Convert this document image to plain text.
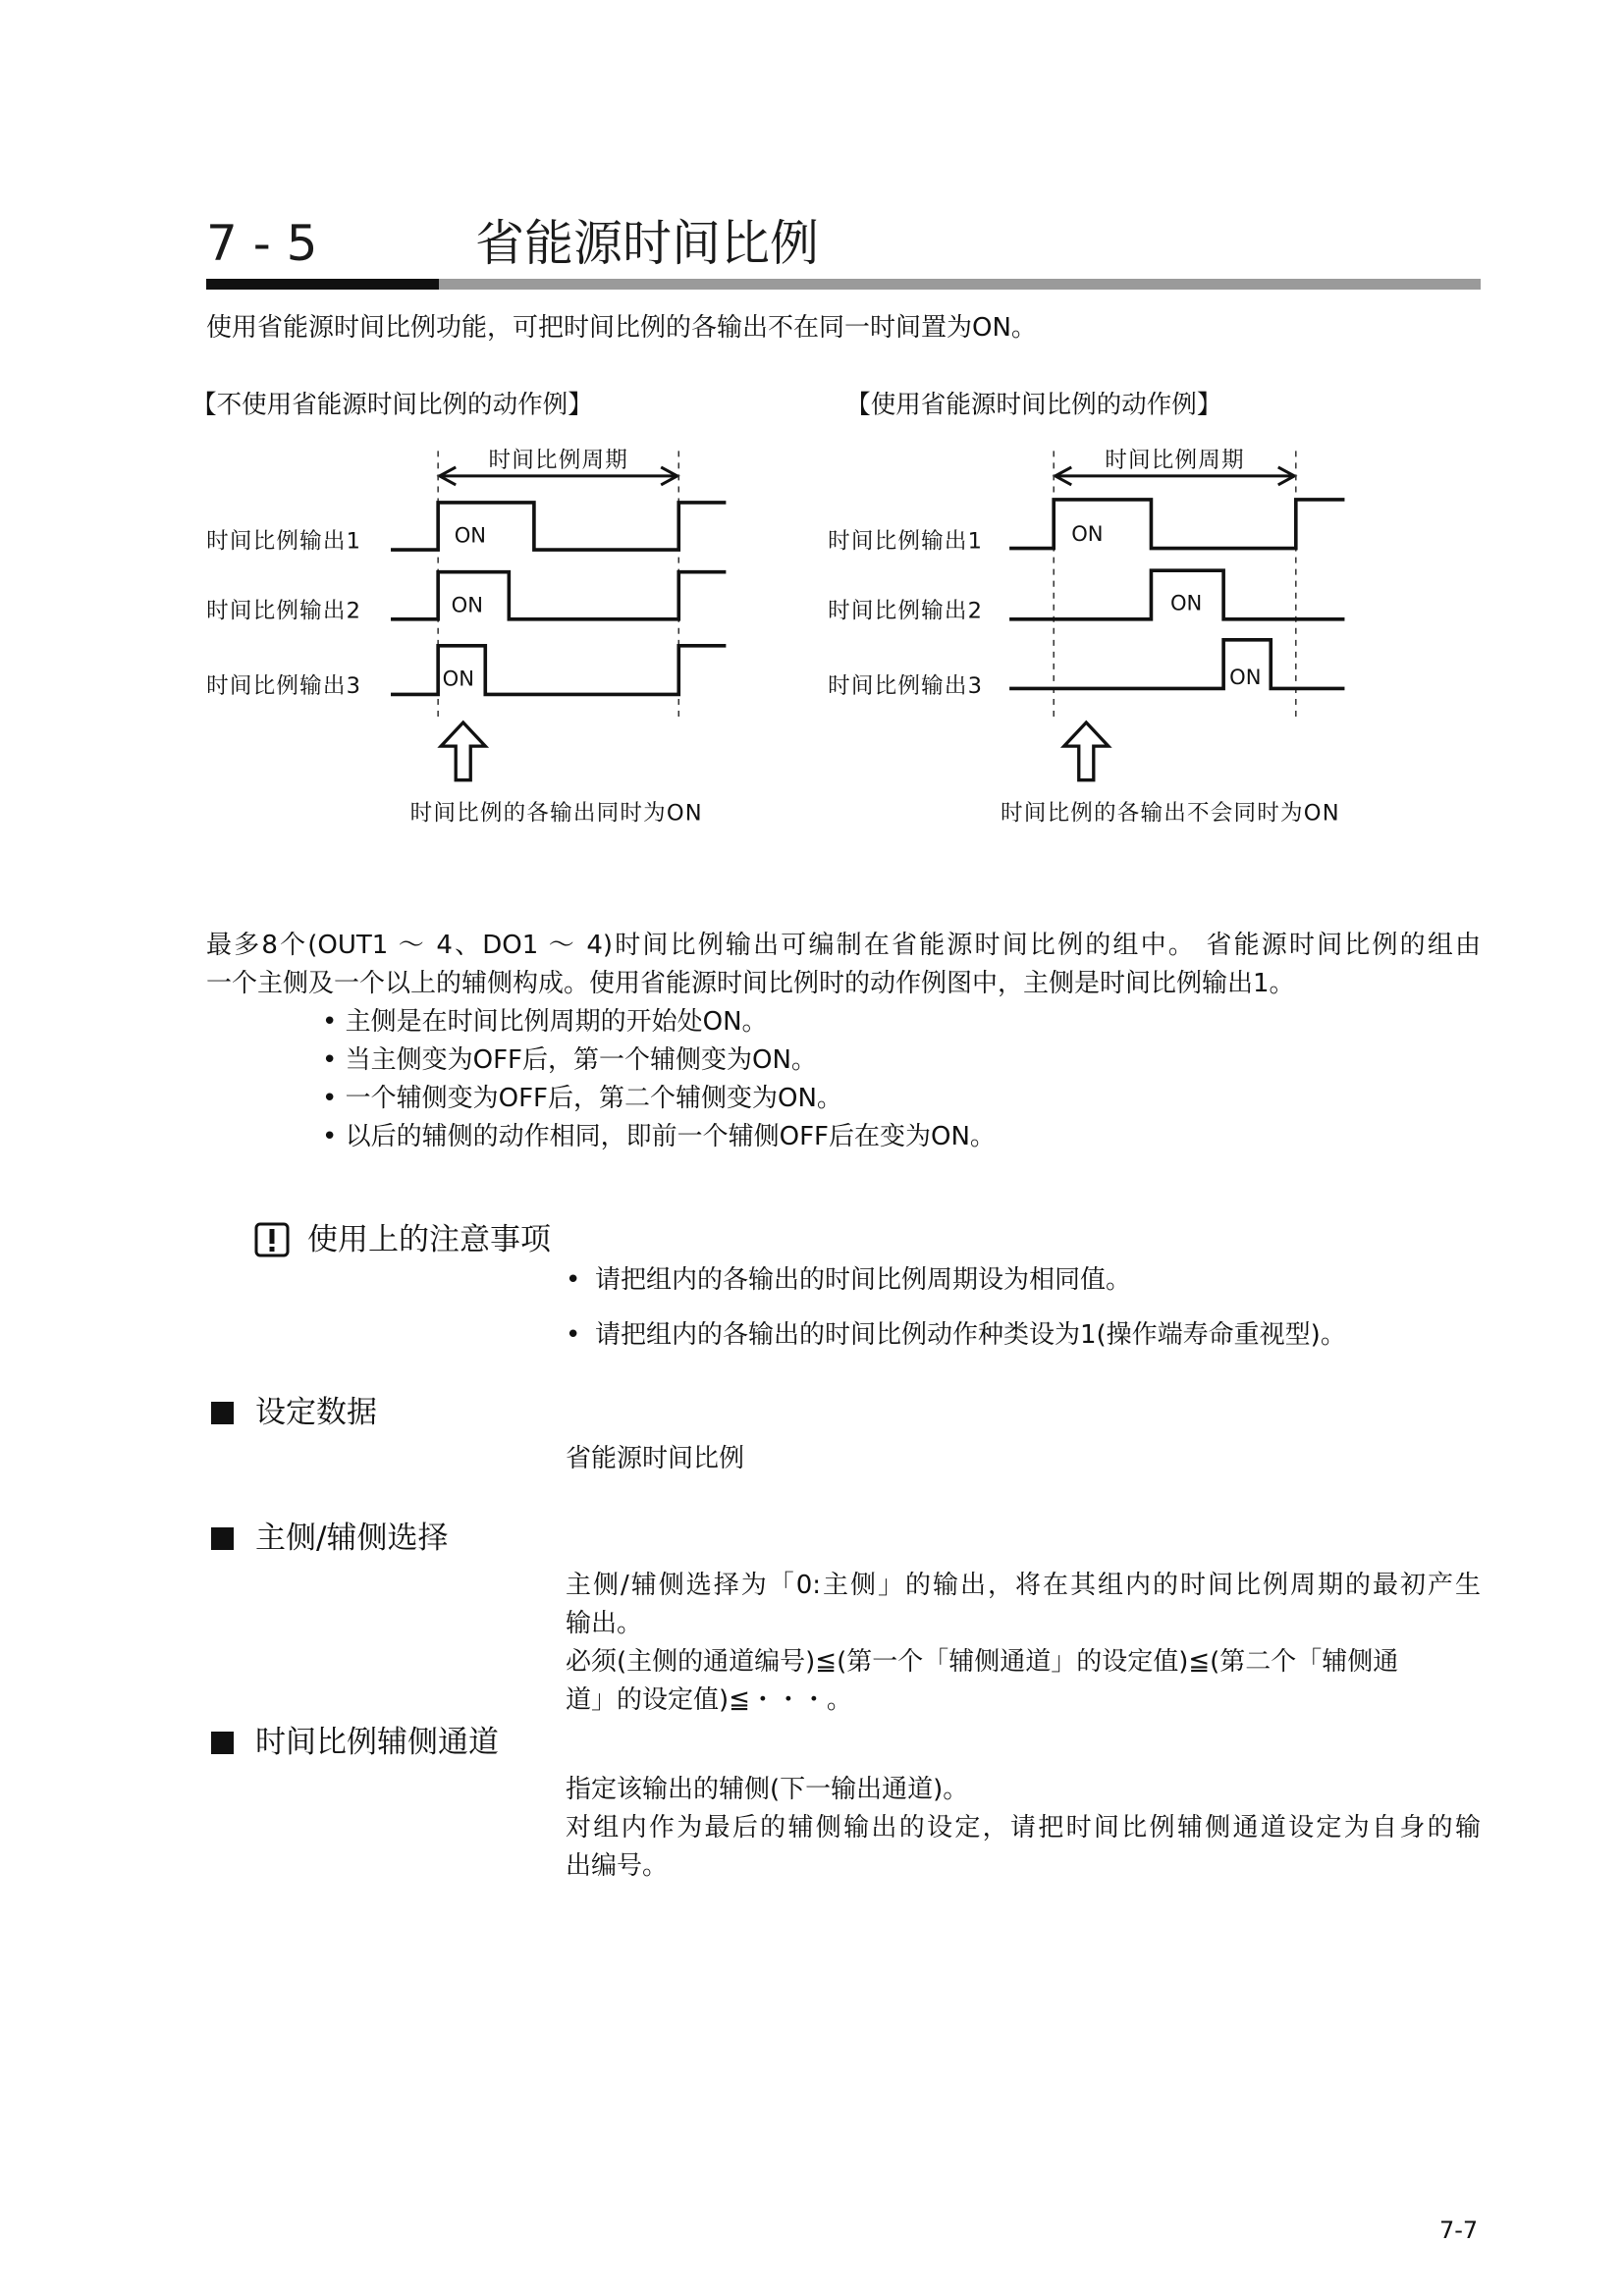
7 - 5	省能源时间比例
使用省能源时间比例功能，可把时间比例的各输出不在同一时间置为ON。
【不使用省能源时间比例的动作例】
时间比例周期
时间比例输出1
时间比例输出2
时间比例输出3
ON
ON
ON
时间比例的各输出同时为ON
【使用省能源时间比例的动作例】
时间比例周期
时间比例输出1
时间比例输出2
时间比例输出3
ON
ON
ON
时间比例的各输出不会同时为ON
最多8个(OUT1 ～ 4、DO1 ～ 4)时间比例输出可编制在省能源时间比例的组中。 省能源时间比例的组由
一个主侧及一个以上的辅侧构成。使用省能源时间比例时的动作例图中，主侧是时间比例输出1。
• 主侧是在时间比例周期的开始处ON。
• 当主侧变为OFF后，第一个辅侧变为ON。
• 一个辅侧变为OFF后，第二个辅侧变为ON。
• 以后的辅侧的动作相同，即前一个辅侧OFF后在变为ON。
使用上的注意事项
• 请把组内的各输出的时间比例周期设为相同值。
• 请把组内的各输出的时间比例动作种类设为1(操作端寿命重视型)。
设定数据
省能源时间比例
主侧/辅侧选择
主侧/辅侧选择为「0:主侧」的输出，将在其组内的时间比例周期的最初产生
输出。
必须(主侧的通道编号)≦(第一个「辅侧通道」的设定值)≦(第二个「辅侧通
道」的设定值)≦・・・。
时间比例辅侧通道
指定该输出的辅侧(下一输出通道)。
对组内作为最后的辅侧输出的设定，请把时间比例辅侧通道设定为自身的输
出编号。
7-7
